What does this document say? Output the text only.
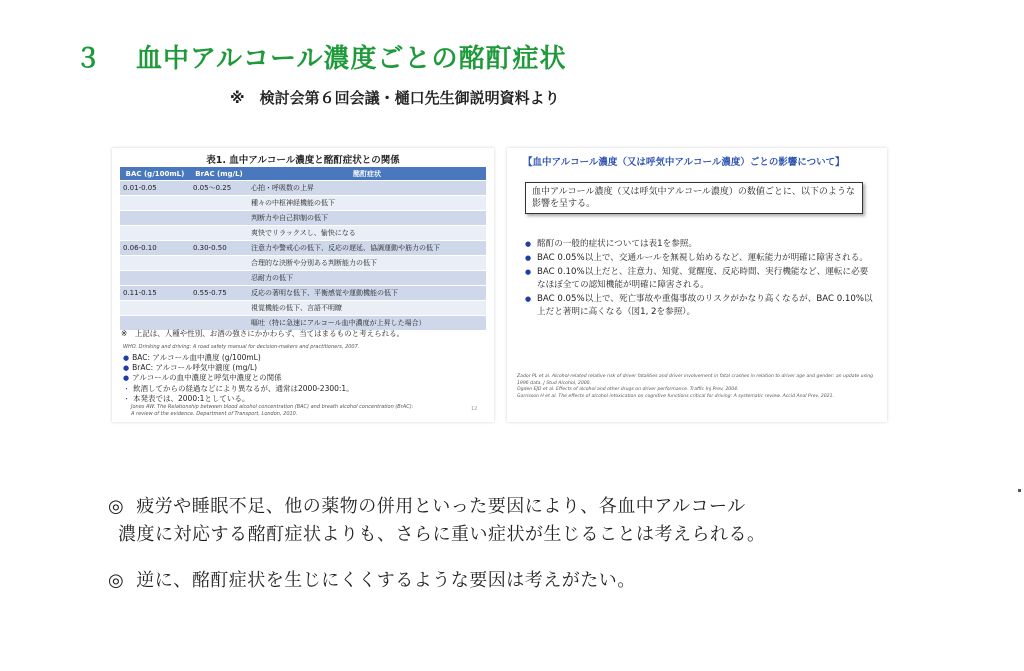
３ 血中アルコール濃度ごとの酩酊症状
※　検討会第６回会議・樋口先生御説明資料より
表1. 血中アルコール濃度と酩酊症状との関係
BAC (g/100mL)	BrAC (mg/L)	酩酊症状
0.01-0.05	0.05〜0.25	心拍・呼吸数の上昇
		種々の中枢神経機能の低下
		判断力や自己抑制の低下
		爽快でリラックスし、愉快になる
0.06-0.10	0.30-0.50	注意力や警戒心の低下、反応の遅延、協調運動や筋力の低下
		合理的な決断や分別ある判断能力の低下
		忍耐力の低下
0.11-0.15	0.55-0.75	反応の著明な低下、平衡感覚や運動機能の低下
		視覚機能の低下、言語不明瞭
		嘔吐（特に急速にアルコール血中濃度が上昇した場合）
※　上記は、人種や性別、お酒の強さにかかわらず、当てはまるものと考えられる。
WHO. Drinking and driving: A road safety manual for decision-makers and practitioners, 2007.
● BAC: アルコール血中濃度 (g/100mL)
● BrAC: アルコール呼気中濃度 (mg/L)
● アルコールの血中濃度と呼気中濃度との関係
・ 飲酒してからの経過などにより異なるが、通常は2000-2300:1。
・ 本発表では、2000:1としている。
Jones AW. The Relationship between blood alcohol concentration (BAC) and breath alcohol concentration (BrAC):
A review of the evidence. Department of Transport, London, 2010.
12
【血中アルコール濃度（又は呼気中アルコール濃度）ごとの影響について】
血中アルコール濃度（又は呼気中アルコール濃度）の数値ごとに、以下のような影響を呈する。
● 酩酊の一般的症状については表1を参照。
● BAC 0.05%以上で、交通ルールを無視し始めるなど、運転能力が明確に障害される。
● BAC 0.10%以上だと、注意力、知覚、覚醒度、反応時間、実行機能など、運転に必要なほぼ全ての認知機能が明確に障害される。
● BAC 0.05%以上で、死亡事故や重傷事故のリスクがかなり高くなるが、BAC 0.10%以上だと著明に高くなる（図1, 2を参照）。
Zador PL et al. Alcohol-related relative risk of driver fatalities and driver involvement in fatal crashes in relation to driver age and gender: an update using
1996 data. J Stud Alcohol, 2000.
Ogden EJD et al. Effects of alcohol and other drugs on driver performance. Traffic Inj Prev, 2004.
Garrisson H et al. The effects of alcohol intoxication on cognitive functions critical for driving: A systematic review. Accid Anal Prev, 2021.
◎ 疲労や睡眠不足、他の薬物の併用といった要因により、各血中アルコール
濃度に対応する酩酊症状よりも、さらに重い症状が生じることは考えられる。
◎ 逆に、酩酊症状を生じにくくするような要因は考えがたい。
